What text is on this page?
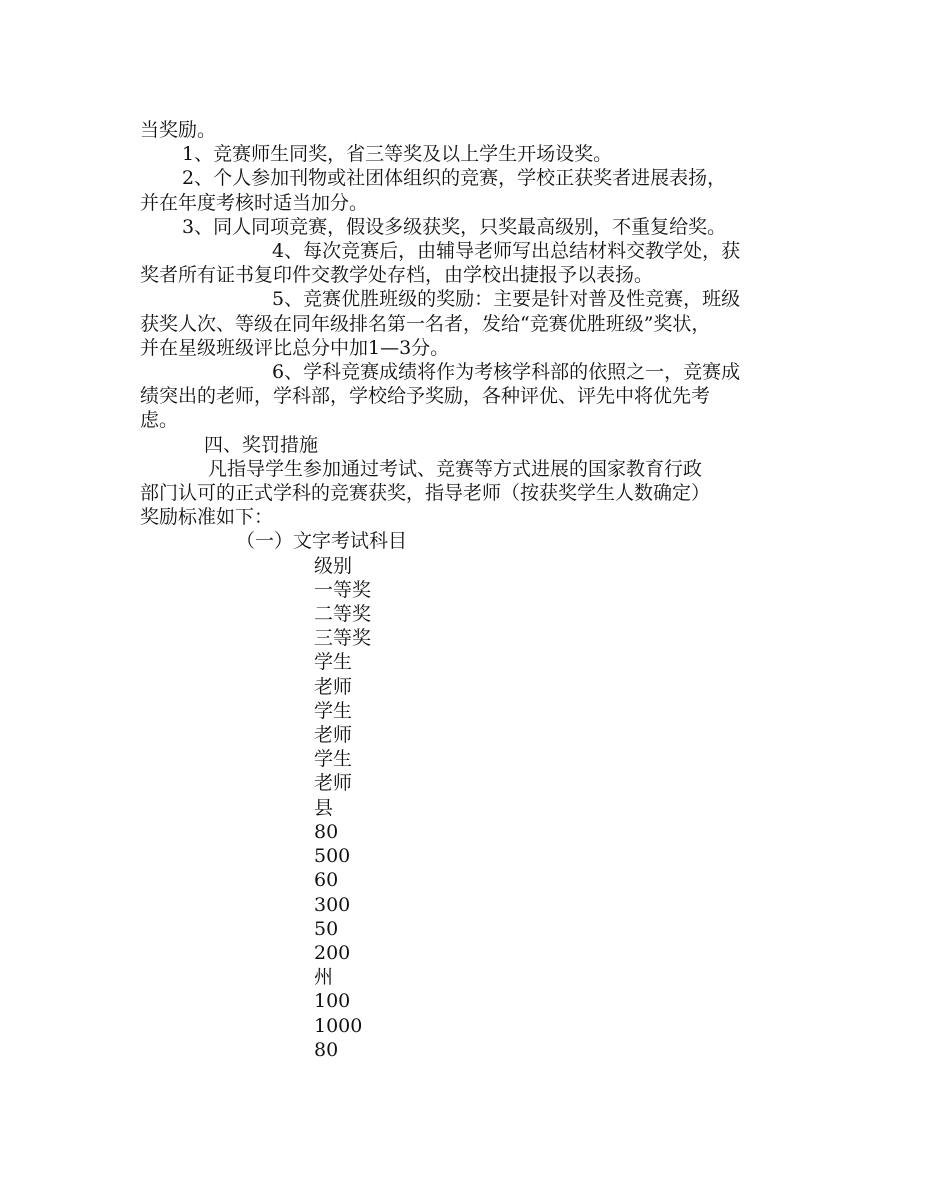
当奖励。

1、竞赛师生同奖，省三等奖及以上学生开场设奖。

2、个人参加刊物或社团体组织的竞赛，学校正获奖者进展表扬，

并在年度考核时适当加分。

3、同人同项竞赛，假设多级获奖，只奖最高级别，不重复给奖。

4、每次竞赛后，由辅导老师写出总结材料交教学处，获

奖者所有证书复印件交教学处存档，由学校出捷报予以表扬。

5、竞赛优胜班级的奖励：主要是针对普及性竞赛，班级

获奖人次、等级在同年级排名第一名者，发给“竞赛优胜班级”奖状，

并在星级班级评比总分中加1—3分。

6、学科竞赛成绩将作为考核学科部的依照之一，竞赛成

绩突出的老师，学科部，学校给予奖励，各种评优、评先中将优先考

虑。

四、奖罚措施

凡指导学生参加通过考试、竞赛等方式进展的国家教育行政

部门认可的正式学科的竞赛获奖，指导老师（按获奖学生人数确定）

奖励标准如下：

（一）文字考试科目

级别
一等奖
二等奖
三等奖
学生
老师
学生
老师
学生
老师
县
80
500
60
300
50
200
州
100
1000
80
